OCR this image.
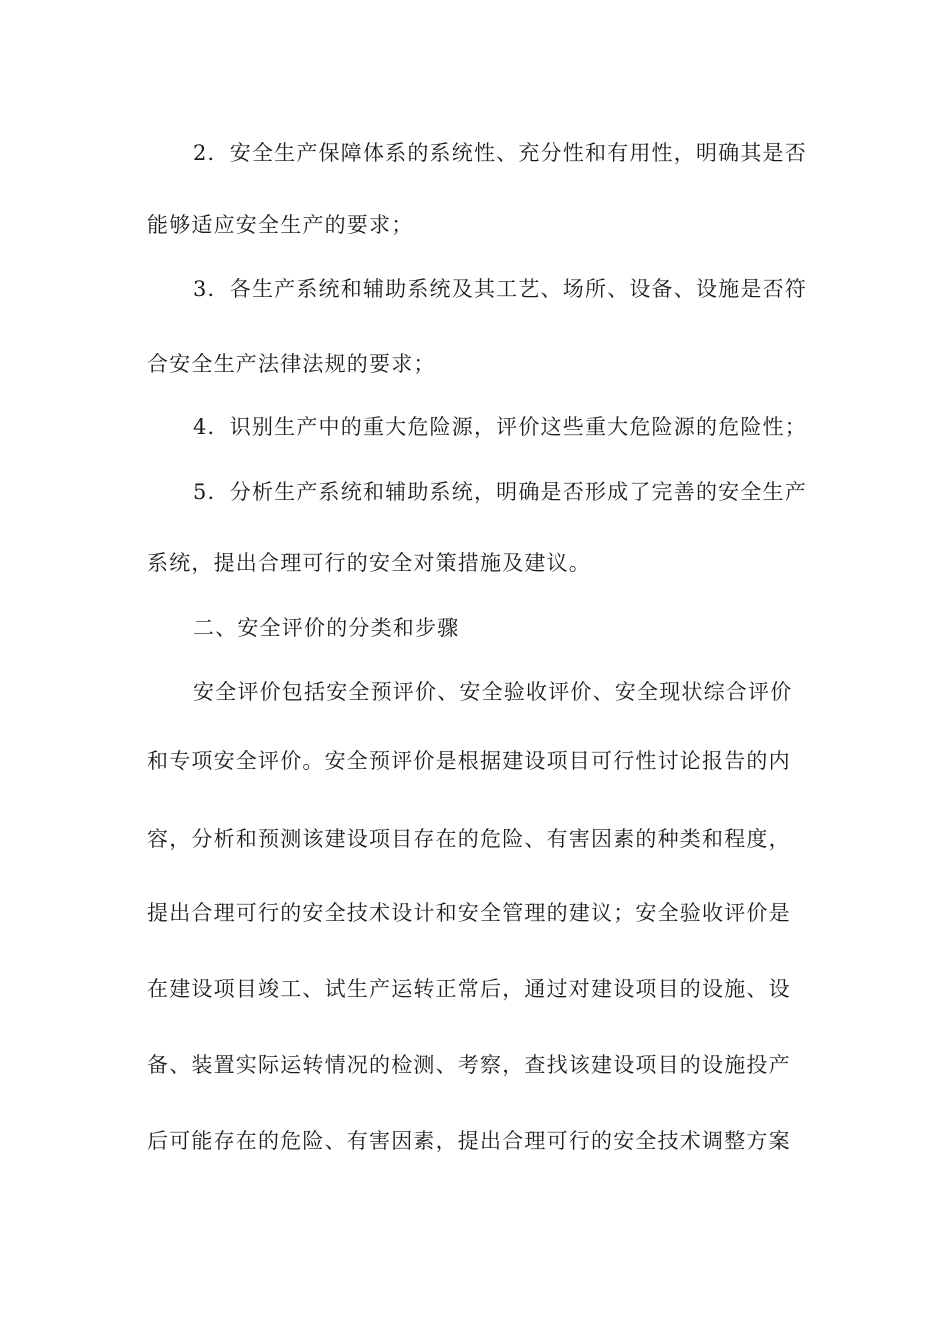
2．安全生产保障体系的系统性、充分性和有用性，明确其是否
能够适应安全生产的要求；
3．各生产系统和辅助系统及其工艺、场所、设备、设施是否符
合安全生产法律法规的要求；
4．识别生产中的重大危险源，评价这些重大危险源的危险性；
5．分析生产系统和辅助系统，明确是否形成了完善的安全生产
系统，提出合理可行的安全对策措施及建议。
二、安全评价的分类和步骤
安全评价包括安全预评价、安全验收评价、安全现状综合评价
和专项安全评价。安全预评价是根据建设项目可行性讨论报告的内
容，分析和预测该建设项目存在的危险、有害因素的种类和程度，
提出合理可行的安全技术设计和安全管理的建议；安全验收评价是
在建设项目竣工、试生产运转正常后，通过对建设项目的设施、设
备、装置实际运转情况的检测、考察，查找该建设项目的设施投产
后可能存在的危险、有害因素，提出合理可行的安全技术调整方案
